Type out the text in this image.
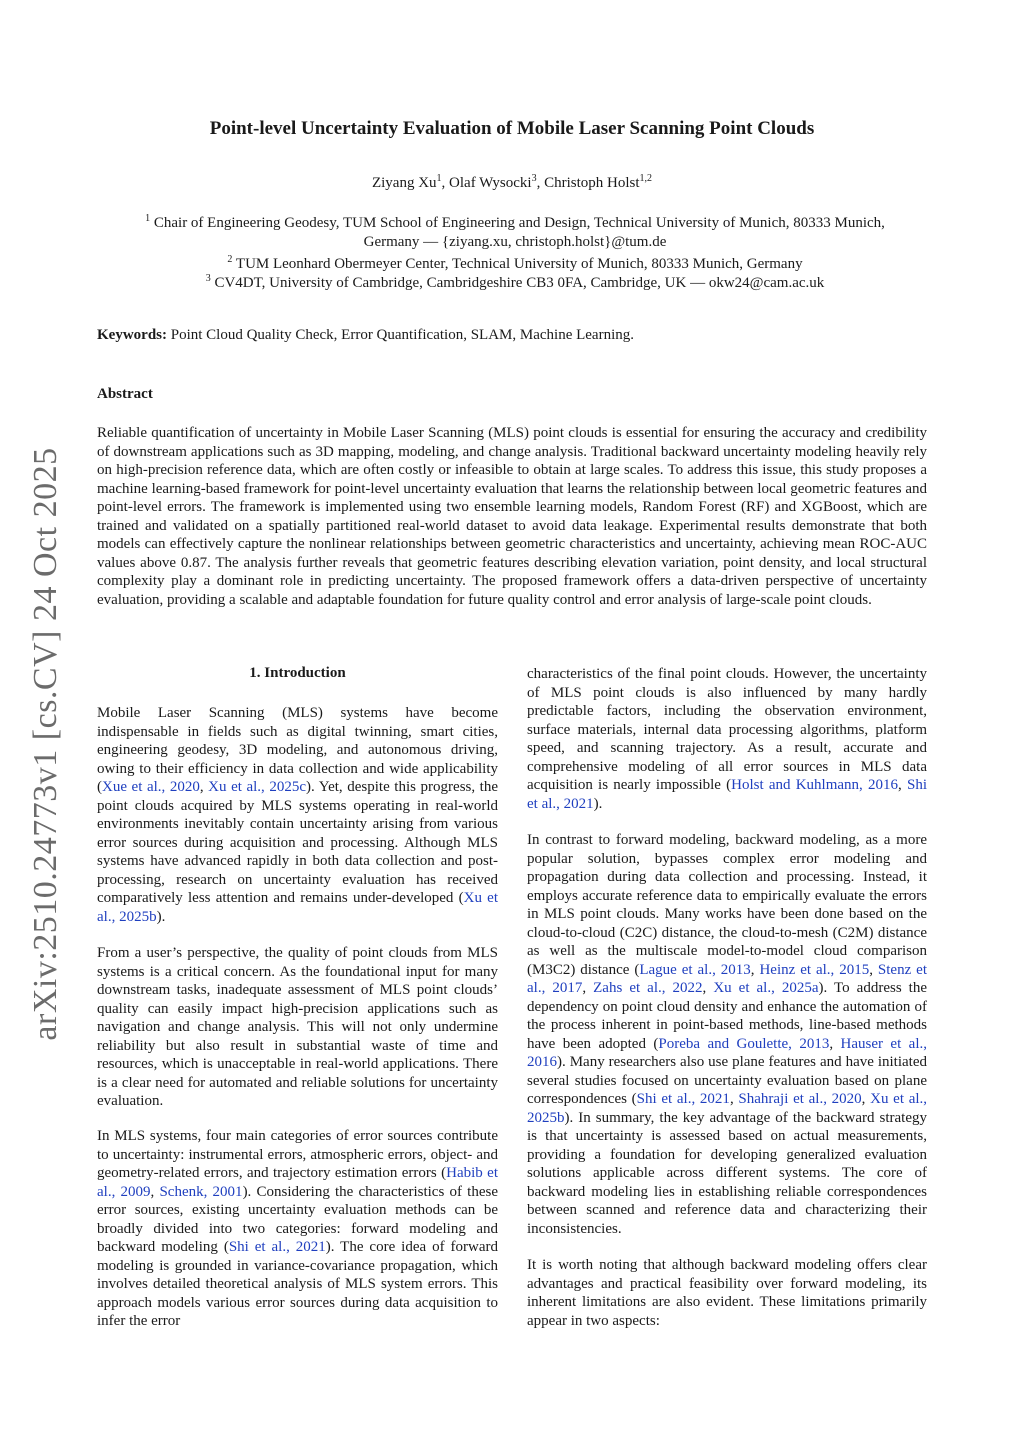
arXiv:2510.24773v1 [cs.CV] 24 Oct 2025
Point-level Uncertainty Evaluation of Mobile Laser Scanning Point Clouds
Ziyang Xu$^1$, Olaf Wysocki$^3$, Christoph Holst$^{1,2}$
$^1$ Chair of Engineering Geodesy, TUM School of Engineering and Design, Technical University of Munich, 80333 Munich,
Germany — {ziyang.xu, christoph.holst}@tum.de
$^2$ TUM Leonhard Obermeyer Center, Technical University of Munich, 80333 Munich, Germany
$^3$ CV4DT, University of Cambridge, Cambridgeshire CB3 0FA, Cambridge, UK — okw24@cam.ac.uk
Keywords: Point Cloud Quality Check, Error Quantification, SLAM, Machine Learning.
Abstract
Reliable quantification of uncertainty in Mobile Laser Scanning (MLS) point clouds is essential for ensuring the accuracy and credibility of downstream applications such as 3D mapping, modeling, and change analysis. Traditional backward uncertainty modeling heavily rely on high-precision reference data, which are often costly or infeasible to obtain at large scales. To address this issue, this study proposes a machine learning-based framework for point-level uncertainty evaluation that learns the relationship between local geometric features and point-level errors. The framework is implemented using two ensemble learning models, Random Forest (RF) and XGBoost, which are trained and validated on a spatially partitioned real-world dataset to avoid data leakage. Experimental results demonstrate that both models can effectively capture the nonlinear relationships between geometric characteristics and uncertainty, achieving mean ROC-AUC values above 0.87. The analysis further reveals that geometric features describing elevation variation, point density, and local structural complexity play a dominant role in predicting uncertainty. The proposed framework offers a data-driven perspective of uncertainty evaluation, providing a scalable and adaptable foundation for future quality control and error analysis of large-scale point clouds.
1. Introduction
Mobile Laser Scanning (MLS) systems have become indispensable in fields such as digital twinning, smart cities, engineering geodesy, 3D modeling, and autonomous driving, owing to their efficiency in data collection and wide applicability (Xue et al., 2020, Xu et al., 2025c). Yet, despite this progress, the point clouds acquired by MLS systems operating in real-world environments inevitably contain uncertainty arising from various error sources during acquisition and processing. Although MLS systems have advanced rapidly in both data collection and post-processing, research on uncertainty evaluation has received comparatively less attention and remains under-developed (Xu et al., 2025b).
From a user’s perspective, the quality of point clouds from MLS systems is a critical concern. As the foundational input for many downstream tasks, inadequate assessment of MLS point clouds’ quality can easily impact high-precision applications such as navigation and change analysis. This will not only undermine reliability but also result in substantial waste of time and resources, which is unacceptable in real-world applications. There is a clear need for automated and reliable solutions for uncertainty evaluation.
In MLS systems, four main categories of error sources contribute to uncertainty: instrumental errors, atmospheric errors, object- and geometry-related errors, and trajectory estimation errors (Habib et al., 2009, Schenk, 2001). Considering the characteristics of these error sources, existing uncertainty evaluation methods can be broadly divided into two categories: forward modeling and backward modeling (Shi et al., 2021). The core idea of forward modeling is grounded in variance-covariance propagation, which involves detailed theoretical analysis of MLS system errors. This approach models various error sources during data acquisition to infer the error
characteristics of the final point clouds. However, the uncertainty of MLS point clouds is also influenced by many hardly predictable factors, including the observation environment, surface materials, internal data processing algorithms, platform speed, and scanning trajectory. As a result, accurate and comprehensive modeling of all error sources in MLS data acquisition is nearly impossible (Holst and Kuhlmann, 2016, Shi et al., 2021).
In contrast to forward modeling, backward modeling, as a more popular solution, bypasses complex error modeling and propagation during data collection and processing. Instead, it employs accurate reference data to empirically evaluate the errors in MLS point clouds. Many works have been done based on the cloud-to-cloud (C2C) distance, the cloud-to-mesh (C2M) distance as well as the multiscale model-to-model cloud comparison (M3C2) distance (Lague et al., 2013, Heinz et al., 2015, Stenz et al., 2017, Zahs et al., 2022, Xu et al., 2025a). To address the dependency on point cloud density and enhance the automation of the process inherent in point-based methods, line-based methods have been adopted (Poreba and Goulette, 2013, Hauser et al., 2016). Many researchers also use plane features and have initiated several studies focused on uncertainty evaluation based on plane correspondences (Shi et al., 2021, Shahraji et al., 2020, Xu et al., 2025b). In summary, the key advantage of the backward strategy is that uncertainty is assessed based on actual measurements, providing a foundation for developing generalized evaluation solutions applicable across different systems. The core of backward modeling lies in establishing reliable correspondences between scanned and reference data and characterizing their inconsistencies.
It is worth noting that although backward modeling offers clear advantages and practical feasibility over forward modeling, its inherent limitations are also evident. These limitations primarily appear in two aspects:
